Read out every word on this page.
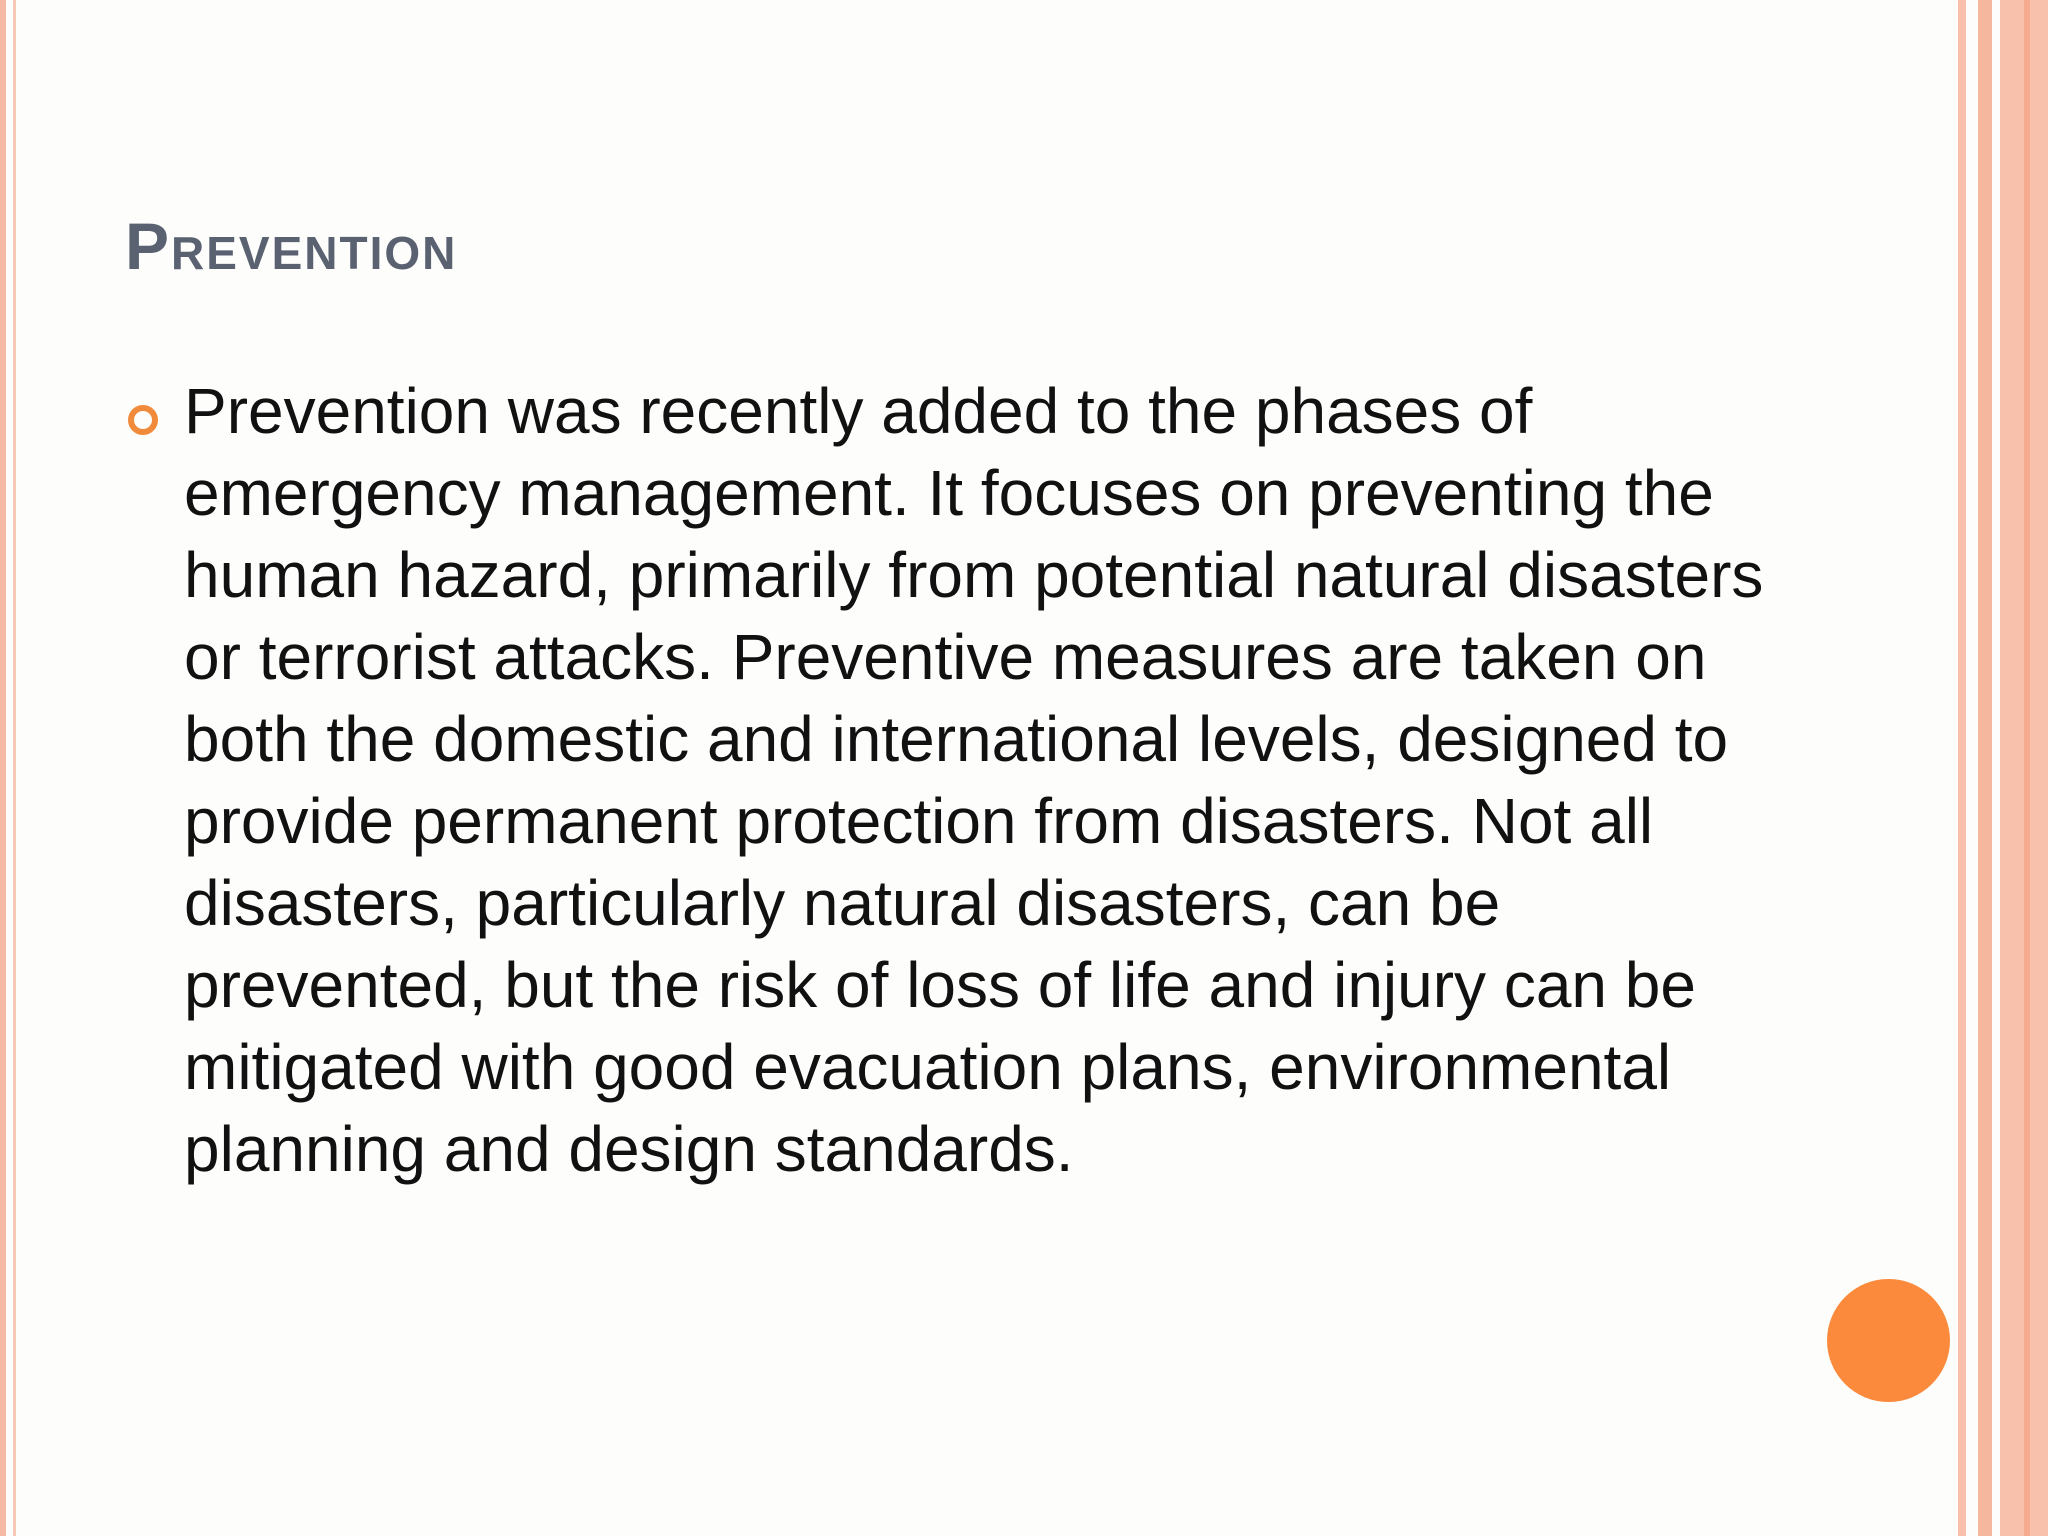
Prevention

Prevention was recently added to the phases of emergency management. It focuses on preventing the human hazard, primarily from potential natural disasters or terrorist attacks. Preventive measures are taken on both the domestic and international levels, designed to provide permanent protection from disasters. Not all disasters, particularly natural disasters, can be prevented, but the risk of loss of life and injury can be mitigated with good evacuation plans, environmental planning and design standards.
